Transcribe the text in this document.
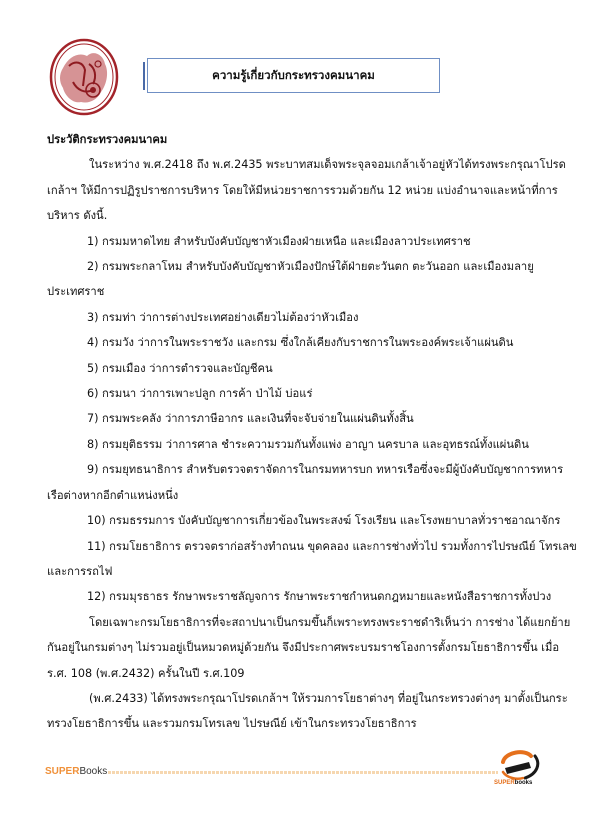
ความรู้เกี่ยวกับกระทรวงคมนาคม

ประวัติกระทรวงคมนาคม

ในระหว่าง พ.ศ.2418 ถึง พ.ศ.2435 พระบาทสมเด็จพระจุลจอมเกล้าเจ้าอยู่หัวได้ทรงพระกรุณาโปรดเกล้าฯ ให้มีการปฏิรูปราชการบริหาร โดยให้มีหน่วยราชการรวมด้วยกัน 12 หน่วย แบ่งอำนาจและหน้าที่การบริหาร ดังนี้.

1) กรมมหาดไทย สำหรับบังคับบัญชาหัวเมืองฝ่ายเหนือ และเมืองลาวประเทศราช

2) กรมพระกลาโหม สำหรับบังคับบัญชาหัวเมืองปักษ์ใต้ฝ่ายตะวันตก ตะวันออก และเมืองมลายูประเทศราช

3) กรมท่า ว่าการต่างประเทศอย่างเดียวไม่ต้องว่าหัวเมือง

4) กรมวัง ว่าการในพระราชวัง และกรม ซึ่งใกล้เคียงกับราชการในพระองค์พระเจ้าแผ่นดิน

5) กรมเมือง ว่าการตำรวจและบัญชีคน

6) กรมนา ว่าการเพาะปลูก การค้า ป่าไม้ บ่อแร่

7) กรมพระคลัง ว่าการภาษีอากร และเงินที่จะจับจ่ายในแผ่นดินทั้งสิ้น

8) กรมยุติธรรม ว่าการศาล ชำระความรวมกันทั้งแพ่ง อาญา นครบาล และอุทธรณ์ทั้งแผ่นดิน

9) กรมยุทธนาธิการ สำหรับตรวจตราจัดการในกรมทหารบก ทหารเรือซึ่งจะมีผู้บังคับบัญชาการทหารเรือต่างหากอีกตำแหน่งหนึ่ง

10) กรมธรรมการ บังคับบัญชาการเกี่ยวข้องในพระสงฆ์ โรงเรียน และโรงพยาบาลทั่วราชอาณาจักร

11) กรมโยธาธิการ ตรวจตราก่อสร้างทำถนน ขุดคลอง และการช่างทั่วไป รวมทั้งการไปรษณีย์ โทรเลข และการรถไฟ

12) กรมมุรธาธร รักษาพระราชลัญจการ รักษาพระราชกำหนดกฎหมายและหนังสือราชการทั้งปวง

โดยเฉพาะกรมโยธาธิการที่จะสถาปนาเป็นกรมขึ้นก็เพราะทรงพระราชดำริเห็นว่า การช่าง ได้แยกย้ายกันอยู่ในกรมต่างๆ ไม่รวมอยู่เป็นหมวดหมู่ด้วยกัน จึงมีประกาศพระบรมราชโองการตั้งกรมโยธาธิการขึ้น เมื่อ ร.ศ. 108 (พ.ศ.2432) ครั้นในปี ร.ศ.109

(พ.ศ.2433) ได้ทรงพระกรุณาโปรดเกล้าฯ ให้รวมการโยธาต่างๆ ที่อยู่ในกระทรวงต่างๆ มาตั้งเป็นกระทรวงโยธาธิการขึ้น และรวมกรมโทรเลข ไปรษณีย์ เข้าในกระทรวงโยธาธิการ

SUPERBooks
SUPERbooks
